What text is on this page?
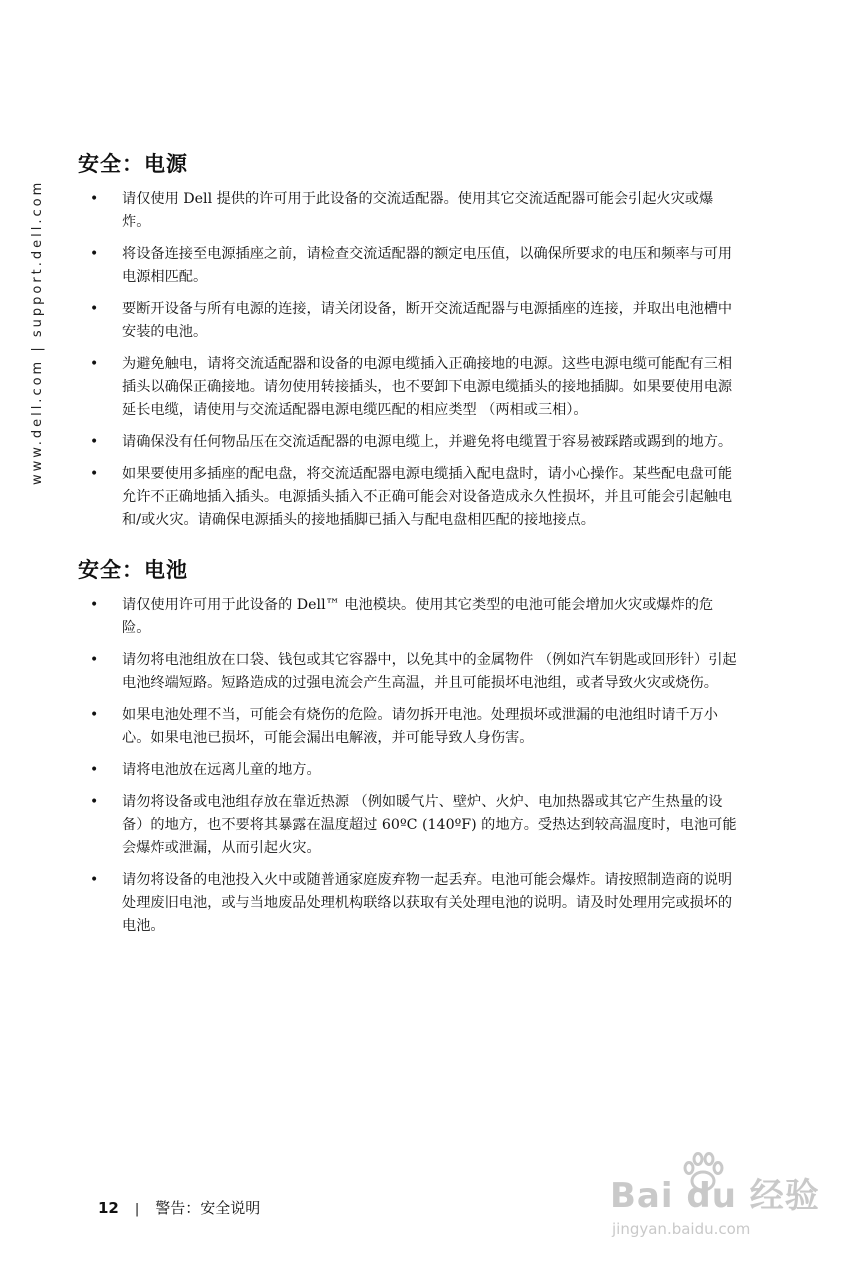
www.dell.com | support.dell.com
安全：电源
• 请仅使用 Dell 提供的许可用于此设备的交流适配器。使用其它交流适配器可能会引起火灾或爆炸。
• 将设备连接至电源插座之前，请检查交流适配器的额定电压值，以确保所要求的电压和频率与可用电源相匹配。
• 要断开设备与所有电源的连接，请关闭设备，断开交流适配器与电源插座的连接，并取出电池槽中安装的电池。
• 为避免触电，请将交流适配器和设备的电源电缆插入正确接地的电源。这些电源电缆可能配有三相插头以确保正确接地。请勿使用转接插头，也不要卸下电源电缆插头的接地插脚。如果要使用电源延长电缆，请使用与交流适配器电源电缆匹配的相应类型 （两相或三相）。
• 请确保没有任何物品压在交流适配器的电源电缆上，并避免将电缆置于容易被踩踏或踢到的地方。
• 如果要使用多插座的配电盘，将交流适配器电源电缆插入配电盘时，请小心操作。某些配电盘可能允许不正确地插入插头。电源插头插入不正确可能会对设备造成永久性损坏，并且可能会引起触电和/或火灾。请确保电源插头的接地插脚已插入与配电盘相匹配的接地接点。
安全：电池
• 请仅使用许可用于此设备的 Dell™ 电池模块。使用其它类型的电池可能会增加火灾或爆炸的危险。
• 请勿将电池组放在口袋、钱包或其它容器中，以免其中的金属物件 （例如汽车钥匙或回形针）引起电池终端短路。短路造成的过强电流会产生高温，并且可能损坏电池组，或者导致火灾或烧伤。
• 如果电池处理不当，可能会有烧伤的危险。请勿拆开电池。处理损坏或泄漏的电池组时请千万小心。如果电池已损坏，可能会漏出电解液，并可能导致人身伤害。
• 请将电池放在远离儿童的地方。
• 请勿将设备或电池组存放在靠近热源 （例如暖气片、壁炉、火炉、电加热器或其它产生热量的设备）的地方，也不要将其暴露在温度超过 60ºC (140ºF) 的地方。受热达到较高温度时，电池可能会爆炸或泄漏，从而引起火灾。
• 请勿将设备的电池投入火中或随普通家庭废弃物一起丢弃。电池可能会爆炸。请按照制造商的说明处理废旧电池，或与当地废品处理机构联络以获取有关处理电池的说明。请及时处理用完或损坏的电池。
12 | 警告：安全说明	Bai du 经验
jingyan.baidu.com
